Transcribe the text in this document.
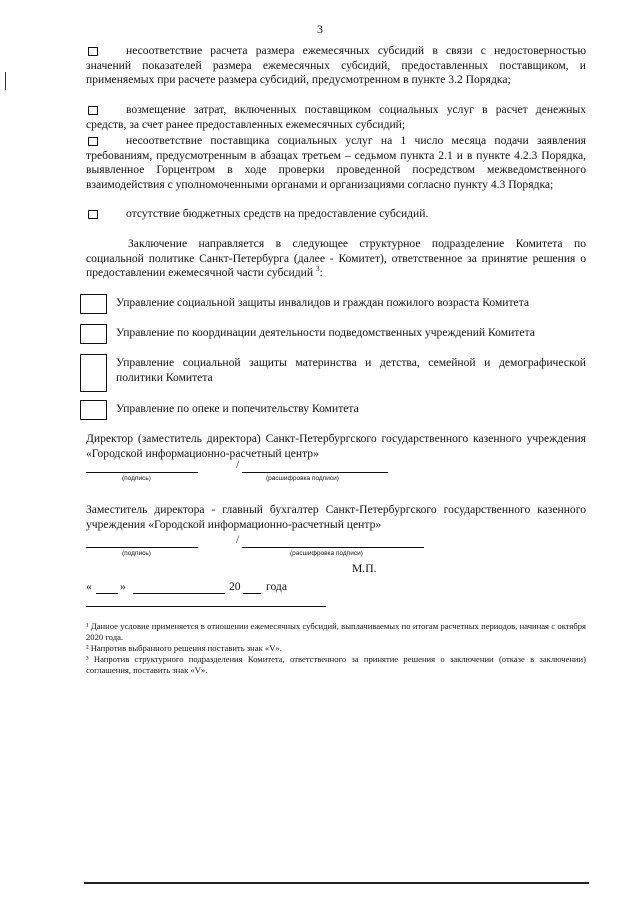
3

несоответствие расчета размера ежемесячных субсидий в связи с недостоверностью значений показателей размера ежемесячных субсидий, предоставленных поставщиком, и применяемых при расчете размера субсидий, предусмотренном в пункте 3.2 Порядка;

возмещение затрат, включенных поставщиком социальных услуг в расчет денежных средств, за счет ранее предоставленных ежемесячных субсидий;

несоответствие поставщика социальных услуг на 1 число месяца подачи заявления требованиям, предусмотренным в абзацах третьем – седьмом пункта 2.1 и в пункте 4.2.3 Порядка, выявленное Горцентром в ходе проверки проведенной посредством межведомственного взаимодействия с уполномоченными органами и организациями согласно пункту 4.3 Порядка;

отсутствие бюджетных средств на предоставление субсидий.

Заключение направляется в следующее структурное подразделение Комитета по социальной политике Санкт-Петербурга (далее - Комитет), ответственное за принятие решения о предоставлении ежемесячной части субсидий $^3$:

Управление социальной защиты инвалидов и граждан пожилого возраста Комитета
Управление по координации деятельности подведомственных учреждений Комитета
Управление социальной защиты материнства и детства, семейной и демографической политики Комитета
Управление по опеке и попечительству Комитета

Директор (заместитель директора) Санкт-Петербургского государственного казенного учреждения «Городской информационно-расчетный центр»

/
(подпись)	(расшифровка подписи)

Заместитель директора - главный бухгалтер Санкт-Петербургского государственного казенного учреждения «Городской информационно-расчетный центр»

/
(подпись)	(расшифровка подписи)
М.П.
« »	20 года

¹ Данное условие применяется в отношении ежемесячных субсидий, выплачиваемых по итогам расчетных периодов, начиная с октября 2020 года.

² Напротив выбранного решения поставить знак «V».

³ Напротив структурного подразделения Комитета, ответственного за принятие решения о заключении (отказе в заключении) соглашения, поставить знак «V».
